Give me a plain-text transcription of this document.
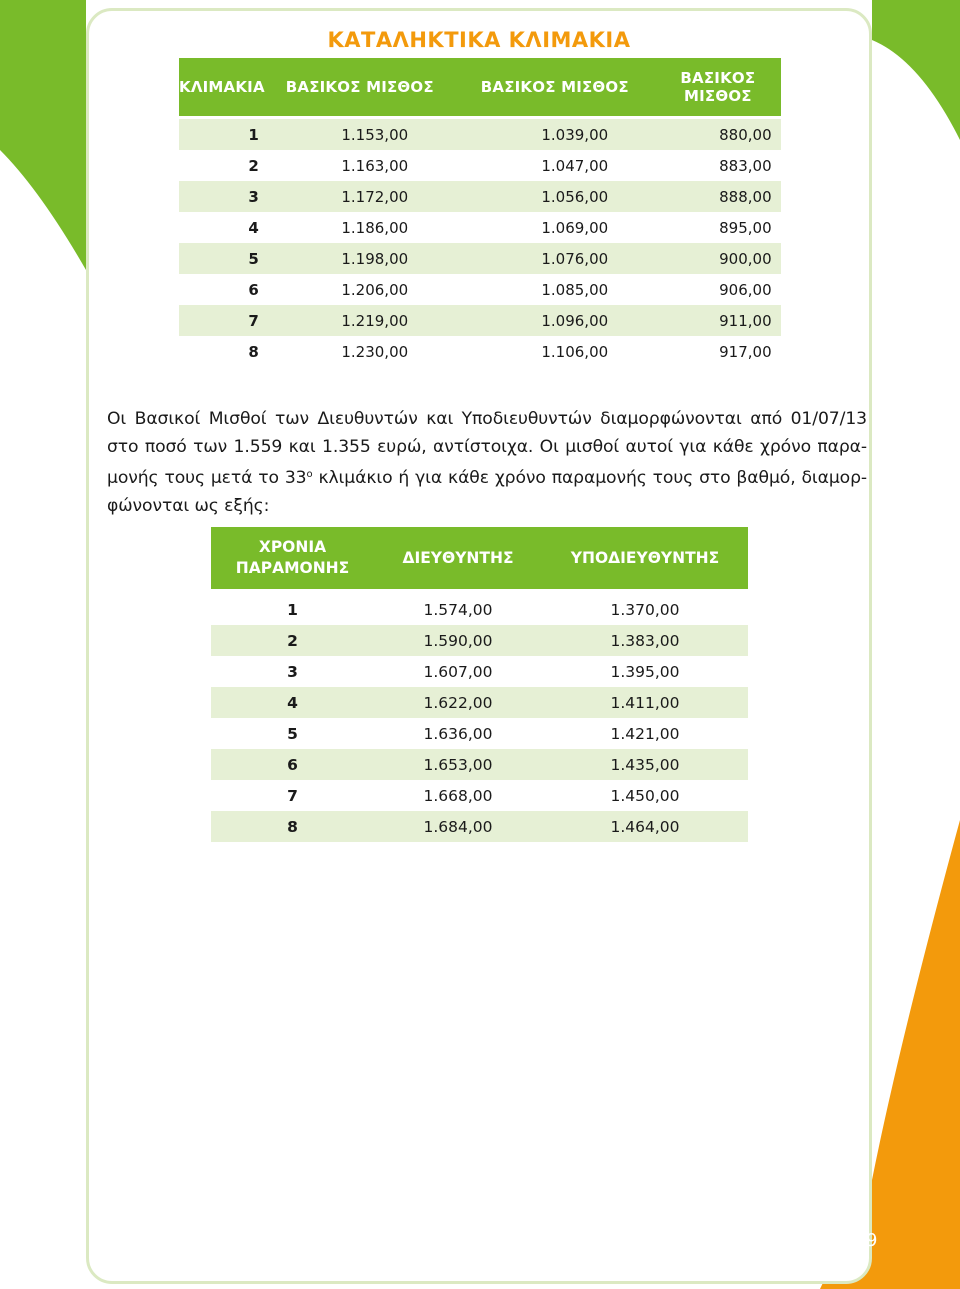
ΚΑΤΑΛΗΚΤΙΚΑ ΚΛΙΜΑΚΙΑ
ΚΛΙΜΑΚΙΑ	ΒΑΣΙΚΟΣ ΜΙΣΘΟΣ	ΒΑΣΙΚΟΣ ΜΙΣΘΟΣ	ΒΑΣΙΚΟΣ ΜΙΣΘΟΣ

1	1.153,00	1.039,00	880,00
2	1.163,00	1.047,00	883,00
3	1.172,00	1.056,00	888,00
4	1.186,00	1.069,00	895,00
5	1.198,00	1.076,00	900,00
6	1.206,00	1.085,00	906,00
7	1.219,00	1.096,00	911,00
8	1.230,00	1.106,00	917,00

Οι Βασικοί Μισθοί των Διευθυντών και Υποδιευθυντών διαμορφώνονται από 01/07/13 στο ποσό των 1.559 και 1.355 ευρώ, αντίστοιχα. Οι μισθοί αυτοί για κάθε χρόνο παρα-μονής τους μετά το $33^o$ κλιμάκιο ή για κάθε χρόνο παραμονής τους στο βαθμό, διαμορ-φώνονται ως εξής:

ΧΡΟΝΙΑ ΠΑΡΑΜΟΝΗΣ	ΔΙΕΥΘΥΝΤΗΣ	ΥΠΟΔΙΕΥΘΥΝΤΗΣ

1	1.574,00	1.370,00
2	1.590,00	1.383,00
3	1.607,00	1.395,00
4	1.622,00	1.411,00
5	1.636,00	1.421,00
6	1.653,00	1.435,00
7	1.668,00	1.450,00
8	1.684,00	1.464,00
9
